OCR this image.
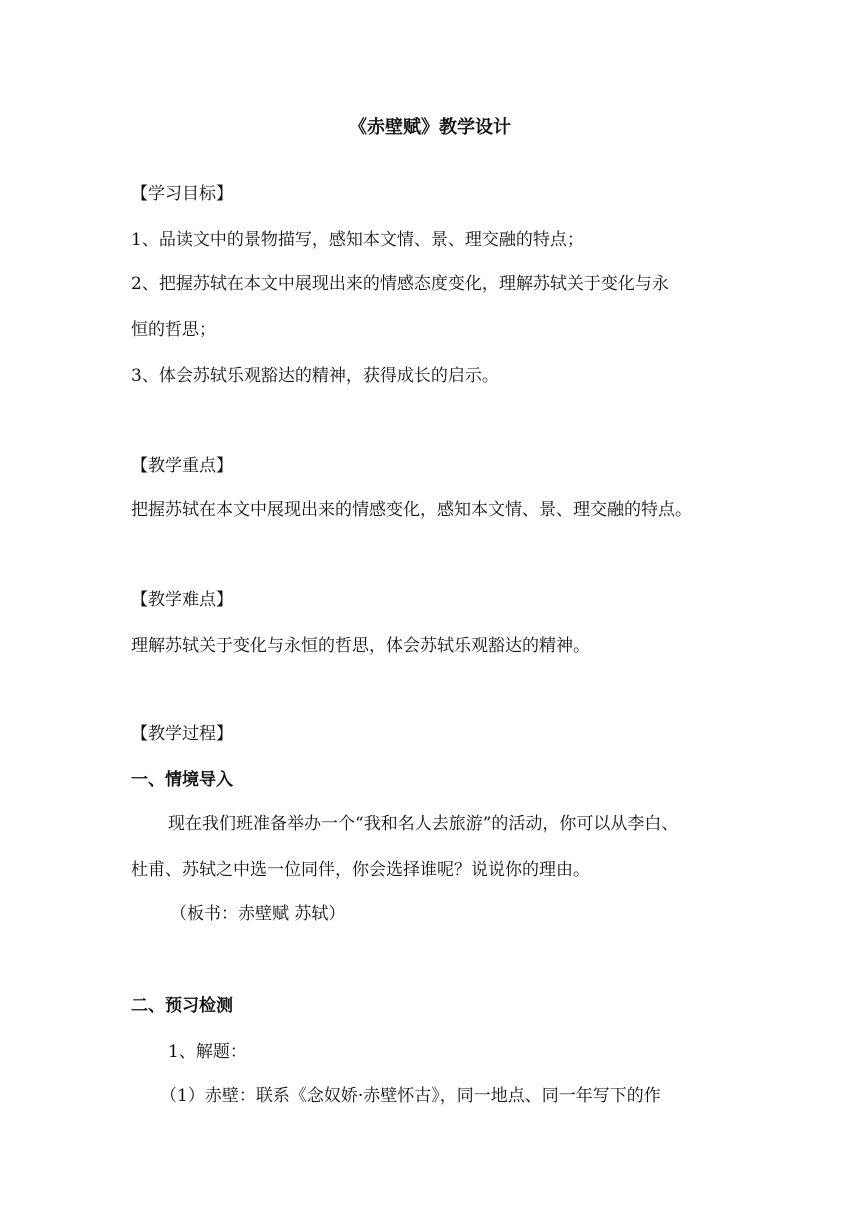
《赤壁赋》教学设计
【学习目标】
1、品读文中的景物描写，感知本文情、景、理交融的特点；
2、把握苏轼在本文中展现出来的情感态度变化，理解苏轼关于变化与永
恒的哲思；
3、体会苏轼乐观豁达的精神，获得成长的启示。
【教学重点】
把握苏轼在本文中展现出来的情感变化，感知本文情、景、理交融的特点。
【教学难点】
理解苏轼关于变化与永恒的哲思，体会苏轼乐观豁达的精神。
【教学过程】
一、情境导入
现在我们班准备举办一个“我和名人去旅游”的活动，你可以从李白、
杜甫、苏轼之中选一位同伴，你会选择谁呢？说说你的理由。
（板书：赤壁赋 苏轼）
二、预习检测
1、解题：
（1）赤壁：联系《念奴娇·赤壁怀古》，同一地点、同一年写下的作
